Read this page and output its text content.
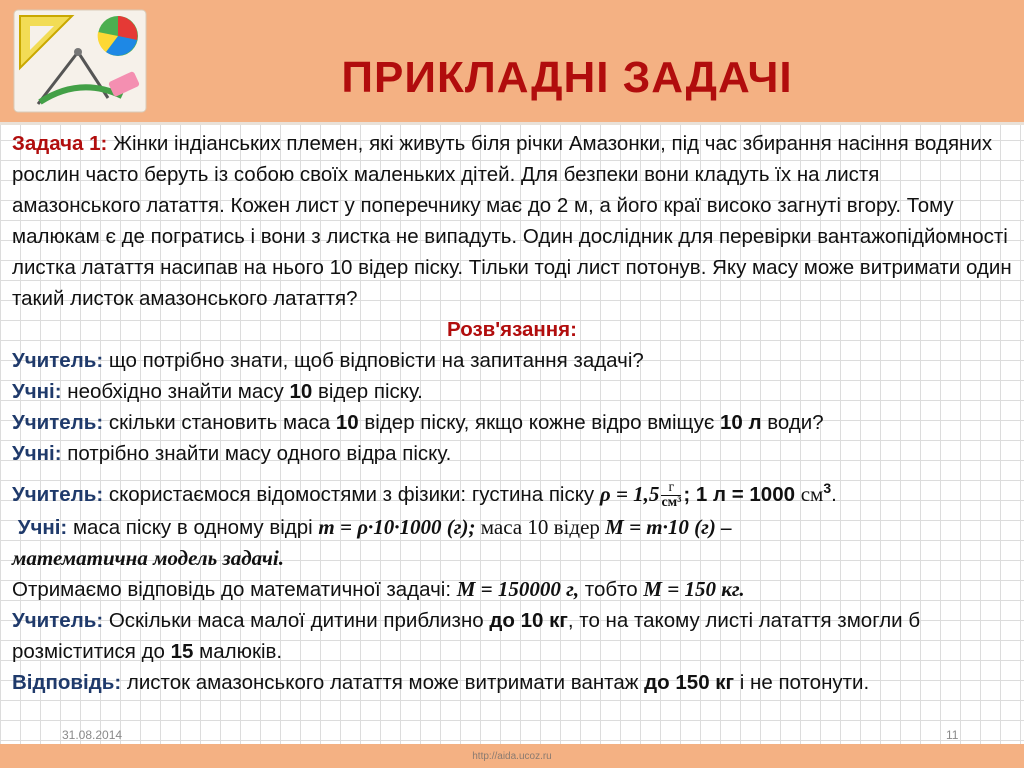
ПРИКЛАДНІ ЗАДАЧІ

Задача 1: Жінки індіанських племен, які живуть біля річки Амазонки, під час збирання насіння водяних рослин часто беруть із собою своїх маленьких дітей. Для безпеки вони кладуть їх на листя амазонського латаття. Кожен лист у поперечнику має до 2 м, а його краї високо загнуті вгору. Тому малюкам є де погратись і вони з листка не випадуть. Один дослідник для перевірки вантажопідйомності листка латаття насипав на нього 10 відер піску. Тільки тоді лист потонув. Яку масу може витримати один такий листок амазонського латаття?

Розв'язання:

Учитель: що потрібно знати, щоб відповісти на запитання задачі?

Учні: необхідно знайти масу 10 відер піску.

Учитель: скільки становить маса 10 відер піску, якщо кожне відро вміщує 10 л води?

Учні: потрібно знайти масу одного відра піску.

Учитель: скористаємося відомостями з фізики: густина піску $\rho = 1,5 \frac{г}{\text{см³}}$ ; 1 л = 1000 $см^3$.

Учні: маса піску в одному відрі m = ρ·10·1000 (г); маса 10 відер M = m·10 (г) –

математична модель задачі.

Отримаємо відповідь до математичної задачі: M = 150000 г, тобто M = 150 кг.

Учитель: Оскільки маса малої дитини приблизно до 10 кг, то на такому листі латаття змогли б розміститися до 15 малюків.

Відповідь: листок амазонського латаття може витримати вантаж до 150 кг і не потонути.

31.08.2014	11
http://aida.ucoz.ru
